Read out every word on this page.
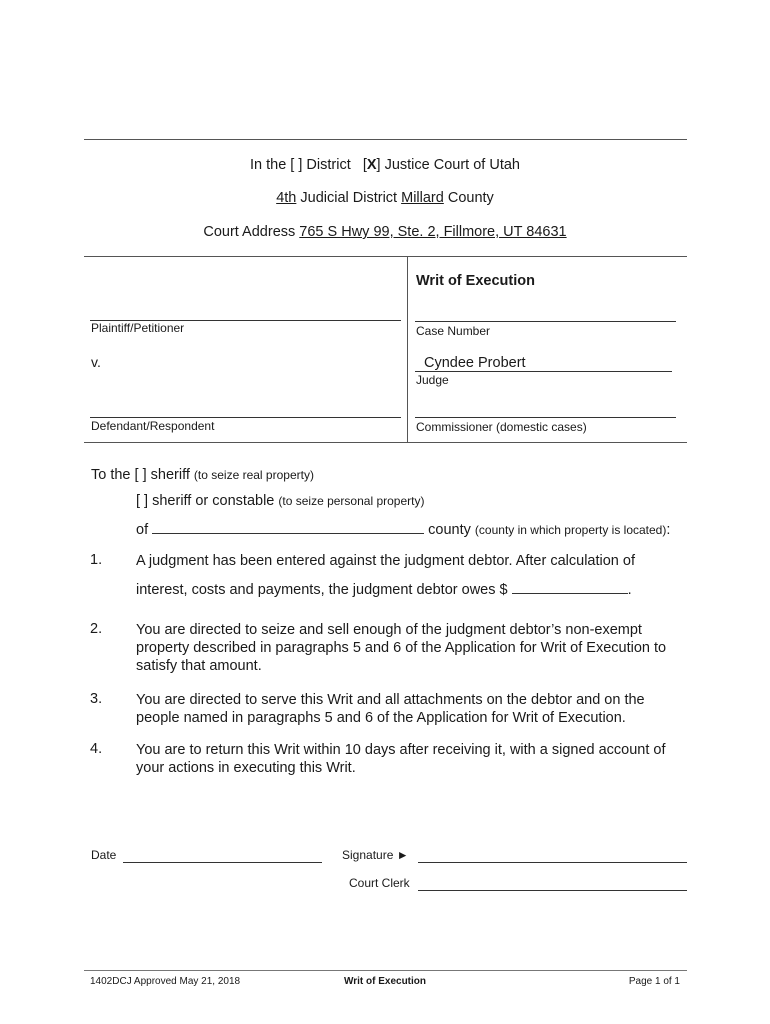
In the [ ] District [X] Justice Court of Utah
4th Judicial District Millard County
Court Address 765 S Hwy 99, Ste. 2, Fillmore, UT 84631
Writ of Execution
Plaintiff/Petitioner
v.
Defendant/Respondent
Case Number
Cyndee Probert
Judge
Commissioner (domestic cases)
To the [ ] sheriff (to seize real property)
[ ] sheriff or constable (to seize personal property)
of	county (county in which property is located):
1. A judgment has been entered against the judgment debtor. After calculation of
interest, costs and payments, the judgment debtor owes $	.
2. You are directed to seize and sell enough of the judgment debtor’s non-exempt property described in paragraphs 5 and 6 of the Application for Writ of Execution to satisfy that amount.
3. You are directed to serve this Writ and all attachments on the debtor and on the people named in paragraphs 5 and 6 of the Application for Writ of Execution.
4. You are to return this Writ within 10 days after receiving it, with a signed account of your actions in executing this Writ.
Date	Signature ►
Court Clerk
1402DCJ Approved May 21, 2018	Writ of Execution	Page 1 of 1
